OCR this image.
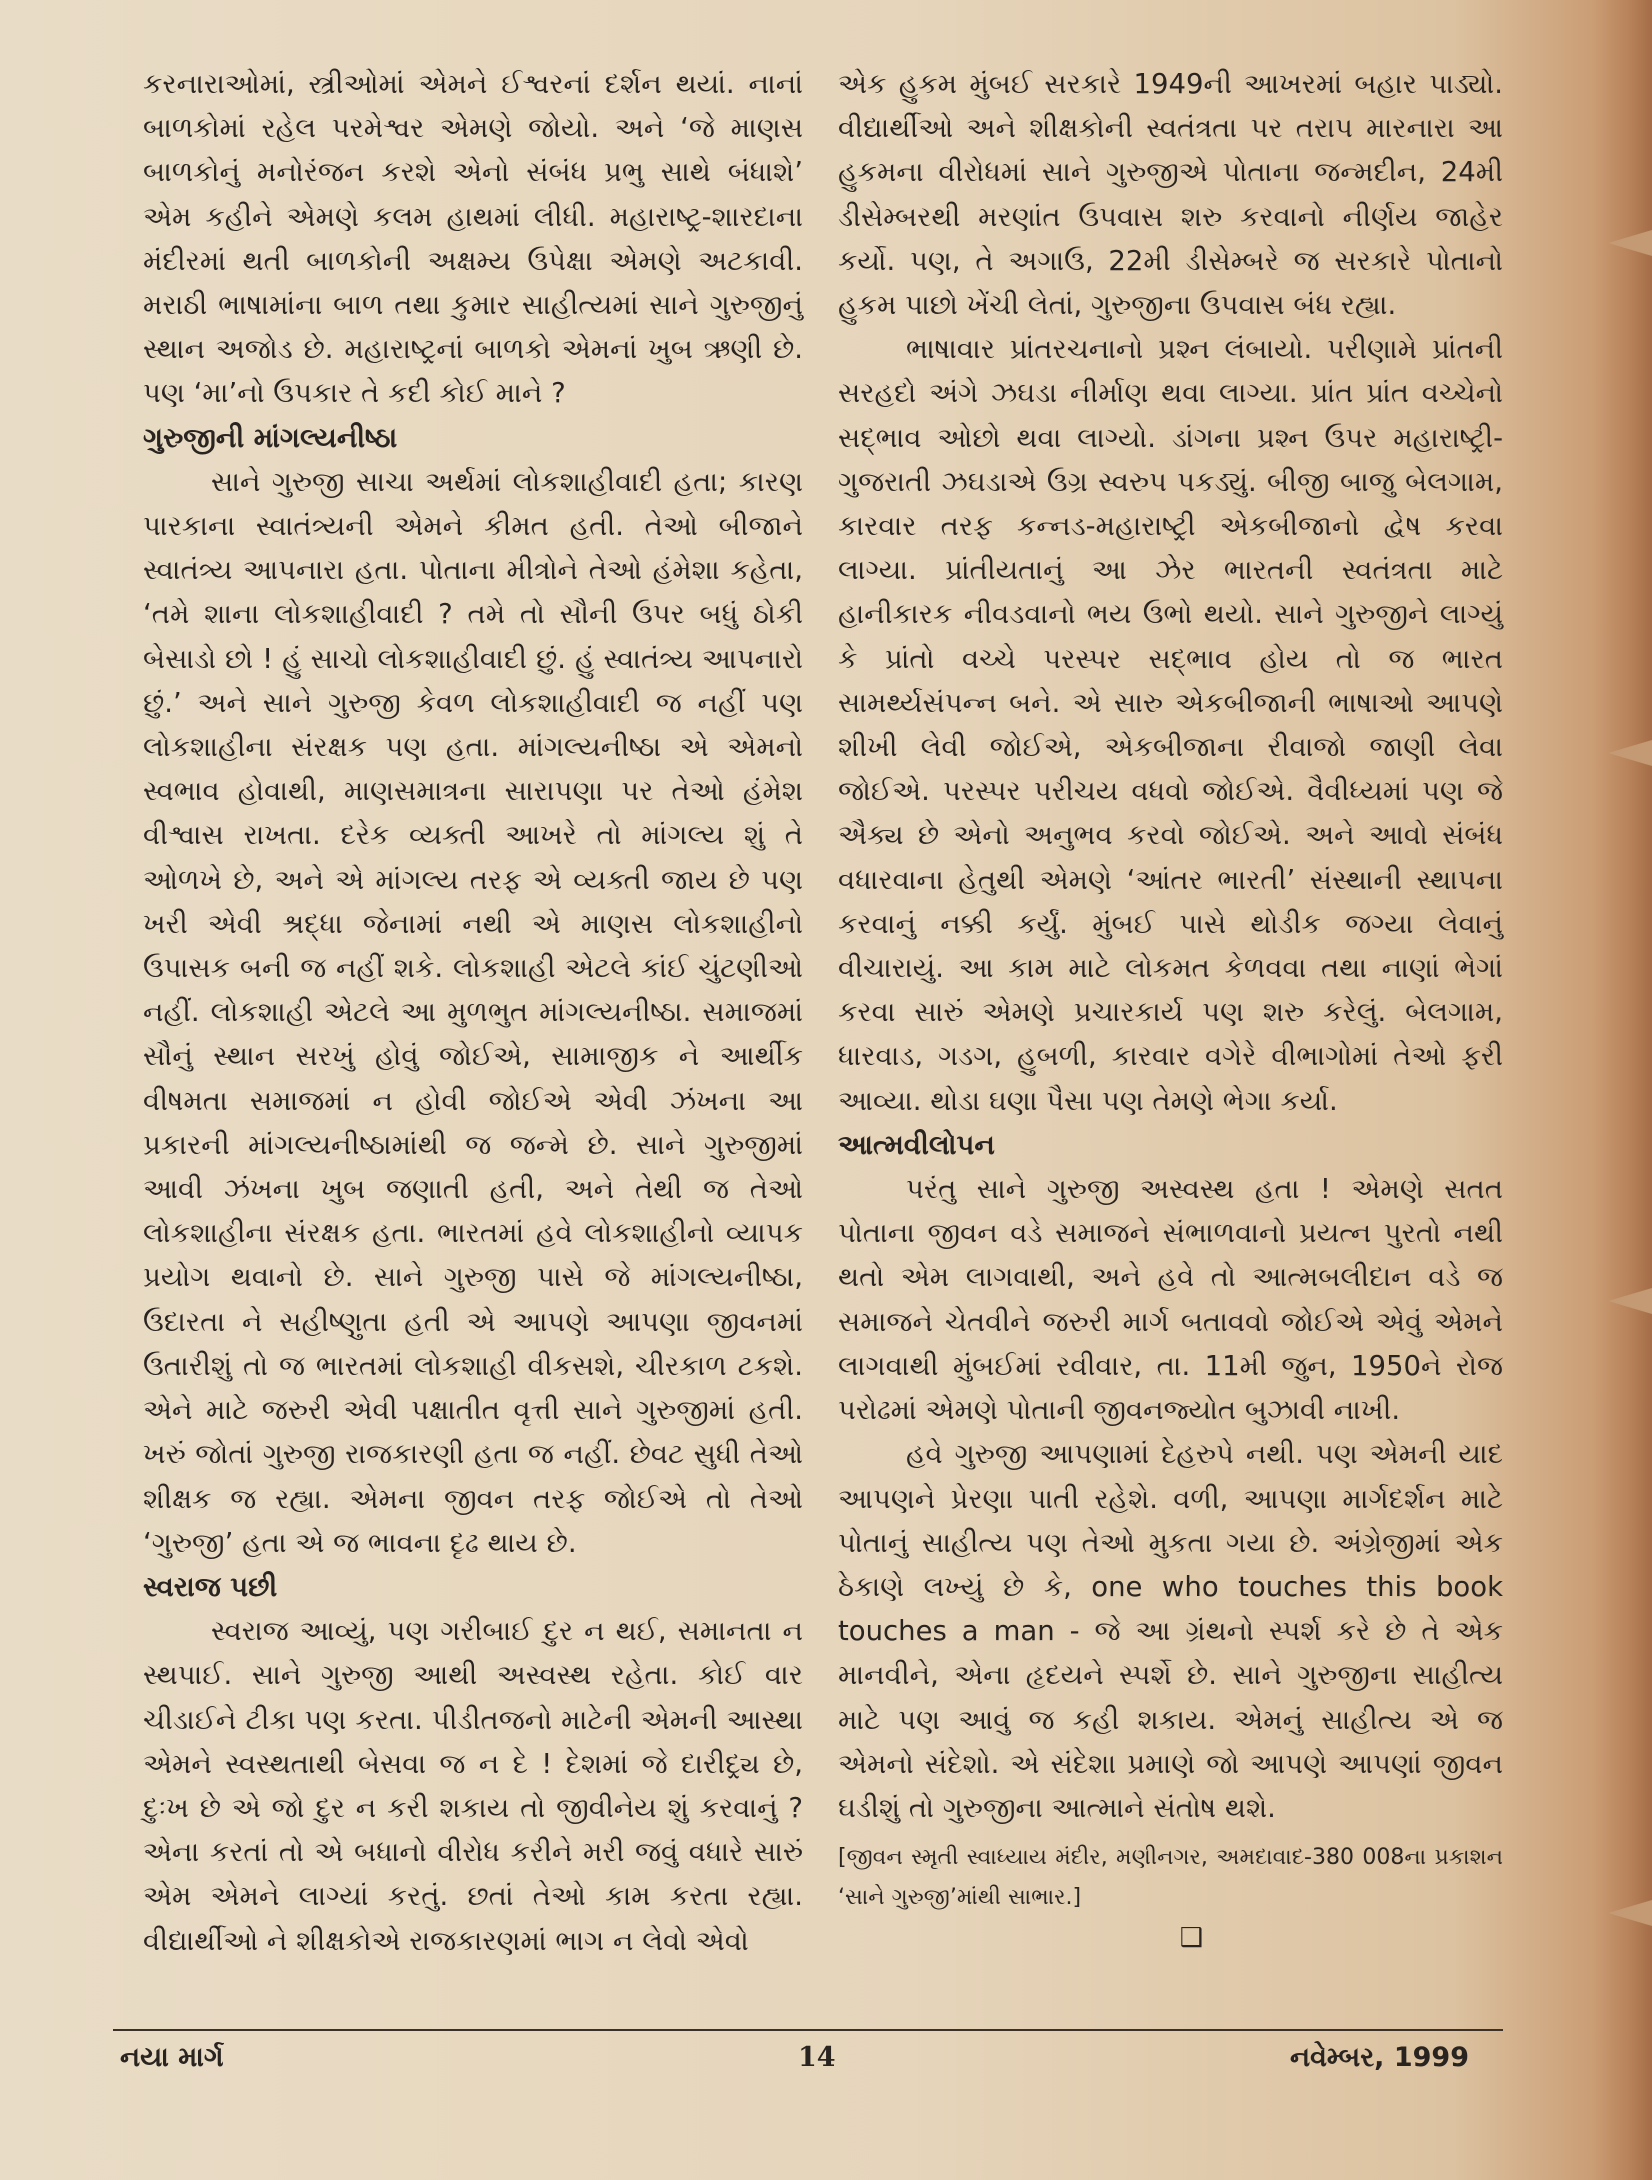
કરનારાઓમાં, સ્ત્રીઓમાં એમને ઈશ્વરનાં દર્શન થયાં. નાનાં બાળકોમાં રહેલ પરમેશ્વર એમણે જોયો. અને ‘જે માણસ બાળકોનું મનોરંજન કરશે એનો સંબંધ પ્રભુ સાથે બંધાશે’ એમ કહીને એમણે કલમ હાથમાં લીધી. મહારાષ્ટ્ર-શારદાના મંદીરમાં થતી બાળકોની અક્ષમ્ય ઉપેક્ષા એમણે અટકાવી. મરાઠી ભાષામાંના બાળ તથા કુમાર સાહીત્યમાં સાને ગુરુજીનું સ્થાન અજોડ છે. મહારાષ્ટ્રનાં બાળકો એમનાં ખુબ ઋણી છે. પણ ‘મા’નો ઉપકાર તે કદી કોઈ માને ?

ગુરુજીની માંગલ્યનીષ્ઠા

સાને ગુરુજી સાચા અર્થમાં લોકશાહીવાદી હતા; કારણ પારકાના સ્વાતંત્ર્યની એમને કીમત હતી. તેઓ બીજાને સ્વાતંત્ર્ય આપનારા હતા. પોતાના મીત્રોને તેઓ હંમેશા કહેતા, ‘તમે શાના લોકશાહીવાદી ? તમે તો સૌની ઉપર બધું ઠોકી બેસાડો છો ! હું સાચો લોકશાહીવાદી છું. હું સ્વાતંત્ર્ય આપનારો છું.’ અને સાને ગુરુજી કેવળ લોકશાહીવાદી જ નહીં પણ લોકશાહીના સંરક્ષક પણ હતા. માંગલ્યનીષ્ઠા એ એમનો સ્વભાવ હોવાથી, માણસમાત્રના સારાપણા પર તેઓ હંમેશ વીશ્વાસ રાખતા. દરેક વ્યક્તી આખરે તો માંગલ્ય શું તે ઓળખે છે, અને એ માંગલ્ય તરફ એ વ્યક્તી જાય છે પણ ખરી એવી શ્રદ્ધા જેનામાં નથી એ માણસ લોકશાહીનો ઉપાસક બની જ નહીં શકે. લોકશાહી એટલે કાંઈ ચુંટણીઓ નહીં. લોકશાહી એટલે આ મુળભુત માંગલ્યનીષ્ઠા. સમાજમાં સૌનું સ્થાન સરખું હોવું જોઈએ, સામાજીક ને આર્થીક વીષમતા સમાજમાં ન હોવી જોઈએ એવી ઝંખના આ પ્રકારની માંગલ્યનીષ્ઠામાંથી જ જન્મે છે. સાને ગુરુજીમાં આવી ઝંખના ખુબ જણાતી હતી, અને તેથી જ તેઓ લોકશાહીના સંરક્ષક હતા. ભારતમાં હવે લોકશાહીનો વ્યાપક પ્રયોગ થવાનો છે. સાને ગુરુજી પાસે જે માંગલ્યનીષ્ઠા, ઉદારતા ને સહીષ્ણુતા હતી એ આપણે આપણા જીવનમાં ઉતારીશું તો જ ભારતમાં લોકશાહી વીકસશે, ચીરકાળ ટકશે. એને માટે જરુરી એવી પક્ષાતીત વૃત્તી સાને ગુરુજીમાં હતી. ખરું જોતાં ગુરુજી રાજકારણી હતા જ નહીં. છેવટ સુધી તેઓ શીક્ષક જ રહ્યા. એમના જીવન તરફ જોઈએ તો તેઓ ‘ગુરુજી’ હતા એ જ ભાવના દૃઢ થાય છે.

સ્વરાજ પછી

સ્વરાજ આવ્યું, પણ ગરીબાઈ દુર ન થઈ, સમાનતા ન સ્થપાઈ. સાને ગુરુજી આથી અસ્વસ્થ રહેતા. કોઈ વાર ચીડાઈને ટીકા પણ કરતા. પીડીતજનો માટેની એમની આસ્થા એમને સ્વસ્થતાથી બેસવા જ ન દે ! દેશમાં જે દારીદ્ર્ય છે, દુઃખ છે એ જો દુર ન કરી શકાય તો જીવીનેય શું કરવાનું ? એના કરતાં તો એ બધાનો વીરોધ કરીને મરી જવું વધારે સારું એમ એમને લાગ્યાં કરતું. છતાં તેઓ કામ કરતા રહ્યા. વીદ્યાર્થીઓ ને શીક્ષકોએ રાજકારણમાં ભાગ ન લેવો એવો

એક હુકમ મુંબઈ સરકારે 1949ની આખરમાં બહાર પાડ્યો. વીદ્યાર્થીઓ અને શીક્ષકોની સ્વતંત્રતા પર તરાપ મારનારા આ હુકમના વીરોધમાં સાને ગુરુજીએ પોતાના જન્મદીન, 24મી ડીસેમ્બરથી મરણાંત ઉપવાસ શરુ કરવાનો નીર્ણય જાહેર કર્યો. પણ, તે અગાઉ, 22મી ડીસેમ્બરે જ સરકારે પોતાનો હુકમ પાછો ખેંચી લેતાં, ગુરુજીના ઉપવાસ બંધ રહ્યા.

ભાષાવાર પ્રાંતરચનાનો પ્રશ્ન લંબાયો. પરીણામે પ્રાંતની સરહદો અંગે ઝઘડા નીર્માણ થવા લાગ્યા. પ્રાંત પ્રાંત વચ્ચેનો સદ્ભાવ ઓછો થવા લાગ્યો. ડાંગના પ્રશ્ન ઉપર મહારાષ્ટ્રી-ગુજરાતી ઝઘડાએ ઉગ્ર સ્વરુપ પકડ્યું. બીજી બાજુ બેલગામ, કારવાર તરફ કન્નડ-મહારાષ્ટ્રી એકબીજાનો દ્વેષ કરવા લાગ્યા. પ્રાંતીયતાનું આ ઝેર ભારતની સ્વતંત્રતા માટે હાનીકારક નીવડવાનો ભય ઉભો થયો. સાને ગુરુજીને લાગ્યું કે પ્રાંતો વચ્ચે પરસ્પર સદ્ભાવ હોય તો જ ભારત સામર્થ્યસંપન્ન બને. એ સારુ એકબીજાની ભાષાઓ આપણે શીખી લેવી જોઈએ, એકબીજાના રીવાજો જાણી લેવા જોઈએ. પરસ્પર પરીચય વધવો જોઈએ. વૈવીધ્યમાં પણ જે ઐક્ય છે એનો અનુભવ કરવો જોઈએ. અને આવો સંબંધ વધારવાના હેતુથી એમણે ‘આંતર ભારતી’ સંસ્થાની સ્થાપના કરવાનું નક્કી કર્યું. મુંબઈ પાસે થોડીક જગ્યા લેવાનું વીચારાયું. આ કામ માટે લોકમત કેળવવા તથા નાણાં ભેગાં કરવા સારું એમણે પ્રચારકાર્ય પણ શરુ કરેલું. બેલગામ, ધારવાડ, ગડગ, હુબળી, કારવાર વગેરે વીભાગોમાં તેઓ ફરી આવ્યા. થોડા ઘણા પૈસા પણ તેમણે ભેગા કર્યા.

આત્મવીલોપન

પરંતુ સાને ગુરુજી અસ્વસ્થ હતા ! એમણે સતત પોતાના જીવન વડે સમાજને સંભાળવાનો પ્રયત્ન પુરતો નથી થતો એમ લાગવાથી, અને હવે તો આત્મબલીદાન વડે જ સમાજને ચેતવીને જરુરી માર્ગ બતાવવો જોઈએ એવું એમને લાગવાથી મુંબઈમાં રવીવાર, તા. 11મી જુન, 1950ને રોજ પરોઢમાં એમણે પોતાની જીવનજ્યોત બુઝાવી નાખી.

હવે ગુરુજી આપણામાં દેહરુપે નથી. પણ એમની યાદ આપણને પ્રેરણા પાતી રહેશે. વળી, આપણા માર્ગદર્શન માટે પોતાનું સાહીત્ય પણ તેઓ મુકતા ગયા છે. અંગ્રેજીમાં એક ઠેકાણે લખ્યું છે કે, one who touches this book touches a man - જે આ ગ્રંથનો સ્પર્શ કરે છે તે એક માનવીને, એના હૃદયને સ્પર્શે છે. સાને ગુરુજીના સાહીત્ય માટે પણ આવું જ કહી શકાય. એમનું સાહીત્ય એ જ એમનો સંદેશો. એ સંદેશા પ્રમાણે જો આપણે આપણાં જીવન ઘડીશું તો ગુરુજીના આત્માને સંતોષ થશે.

[જીવન સ્મૃતી સ્વાધ્યાય મંદીર, મણીનગર, અમદાવાદ-380 008ના પ્રકાશન ‘સાને ગુરુજી’માંથી સાભાર.]

❑
નયા માર્ગ	14	નવેમ્બર, 1999
